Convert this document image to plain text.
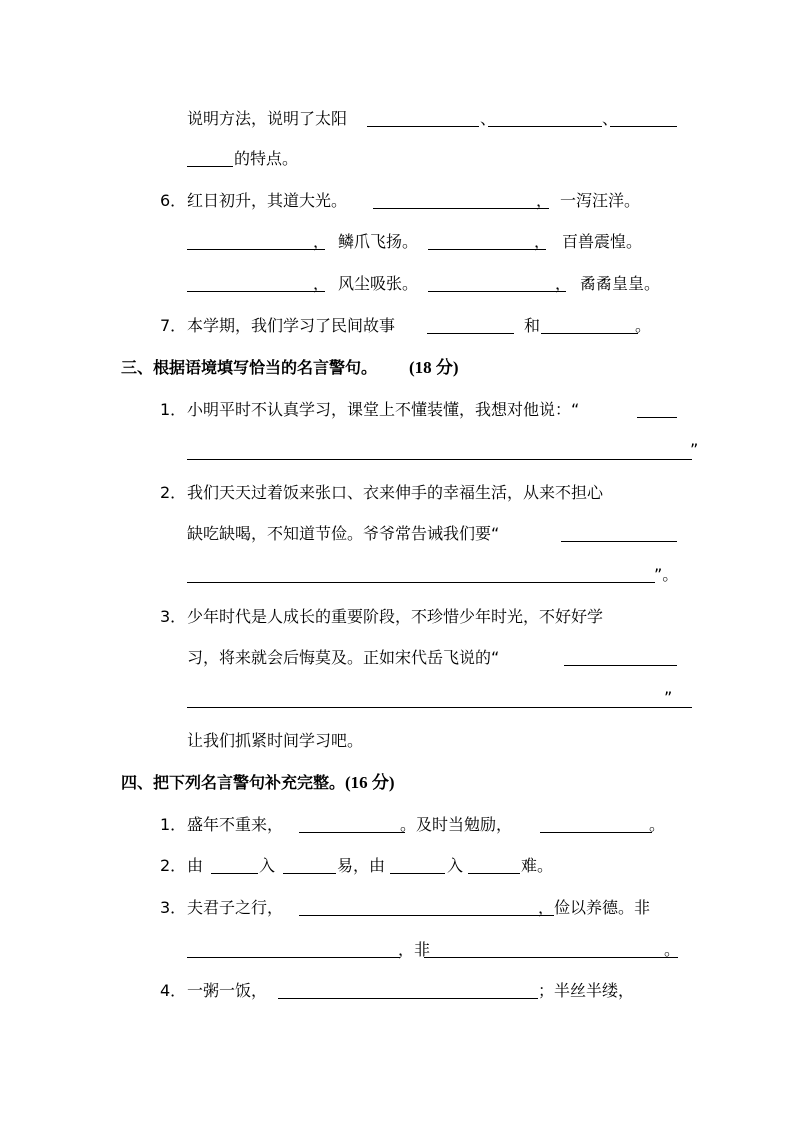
说明方法，说明了太阳	、	、
的特点。
6． 红日初升，其道大光。	， 一泻汪洋。
， 鳞爪飞扬。	， 百兽震惶。
， 风尘吸张。	， 矞矞皇皇。
7． 本学期，我们学习了民间故事	和	。
三、根据语境填写恰当的名言警句。 (18 分)
1． 小明平时不认真学习，课堂上不懂装懂，我想对他说：“
”
2． 我们天天过着饭来张口、衣来伸手的幸福生活，从来不担心
缺吃缺喝，不知道节俭。爷爷常告诫我们要“
”。
3． 少年时代是人成长的重要阶段，不珍惜少年时光，不好好学
习，将来就会后悔莫及。正如宋代岳飞说的“
”
让我们抓紧时间学习吧。
四、把下列名言警句补充完整。 (16 分)
1． 盛年不重来，	。及时当勉励，	。
2． 由	入	易，由	入	难。
3． 夫君子之行，	，俭以养德。非
，非	。
4． 一粥一饭，	；半丝半缕，
